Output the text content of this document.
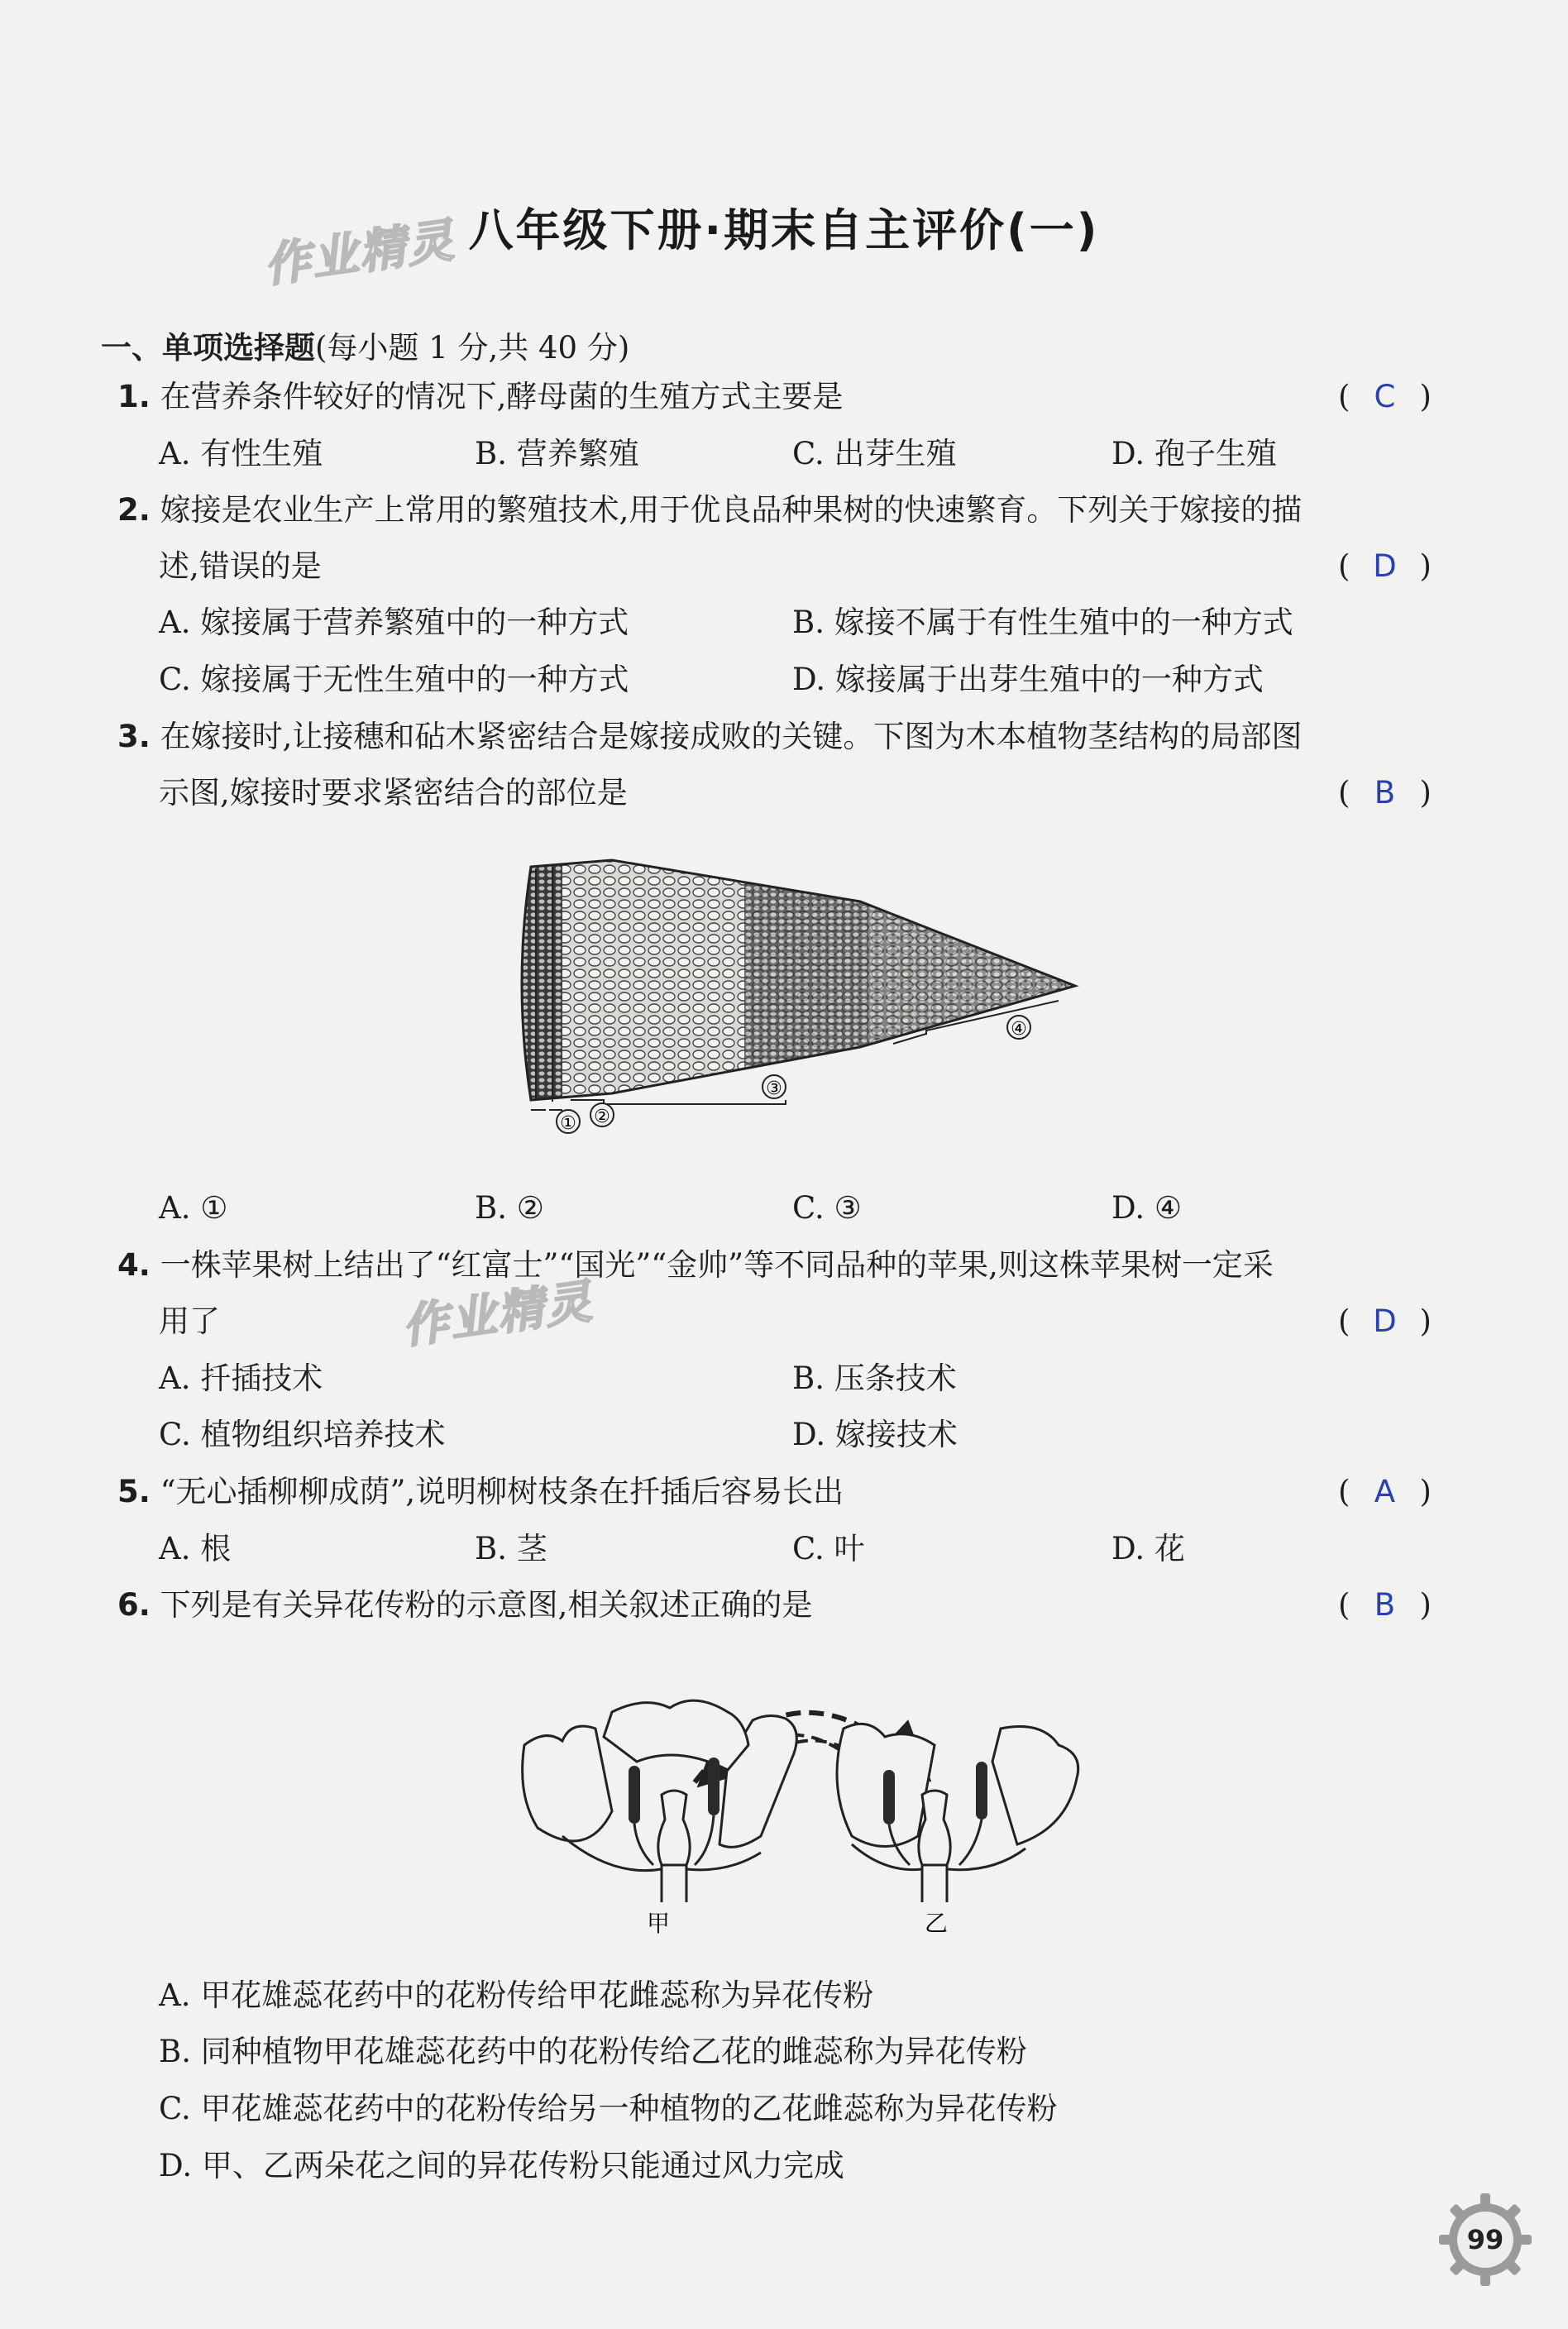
作业精灵 八年级下册·期末自主评价(一)
一、单项选择题(每小题 1 分,共 40 分)
1. 在营养条件较好的情况下,酵母菌的生殖方式主要是	( C )
A. 有性生殖	B. 营养繁殖	C. 出芽生殖	D. 孢子生殖
2. 嫁接是农业生产上常用的繁殖技术,用于优良品种果树的快速繁育。下列关于嫁接的描
述,错误的是	( D )
A. 嫁接属于营养繁殖中的一种方式	B. 嫁接不属于有性生殖中的一种方式
C. 嫁接属于无性生殖中的一种方式	D. 嫁接属于出芽生殖中的一种方式
3. 在嫁接时,让接穗和砧木紧密结合是嫁接成败的关键。下图为木本植物茎结构的局部图
示图,嫁接时要求紧密结合的部位是	( B )
① ②
③
④
A. ①	B. ②	C. ③	D. ④
4. 一株苹果树上结出了“红富士”“国光”“金帅”等不同品种的苹果,则这株苹果树一定采
作业精灵
用了	( D )
A. 扦插技术	B. 压条技术
C. 植物组织培养技术	D. 嫁接技术
5. “无心插柳柳成荫”,说明柳树枝条在扦插后容易长出	( A )
A. 根	B. 茎	C. 叶	D. 花
6. 下列是有关异花传粉的示意图,相关叙述正确的是	( B )
甲	乙
A. 甲花雄蕊花药中的花粉传给甲花雌蕊称为异花传粉
B. 同种植物甲花雄蕊花药中的花粉传给乙花的雌蕊称为异花传粉
C. 甲花雄蕊花药中的花粉传给另一种植物的乙花雌蕊称为异花传粉
D. 甲、乙两朵花之间的异花传粉只能通过风力完成
99
